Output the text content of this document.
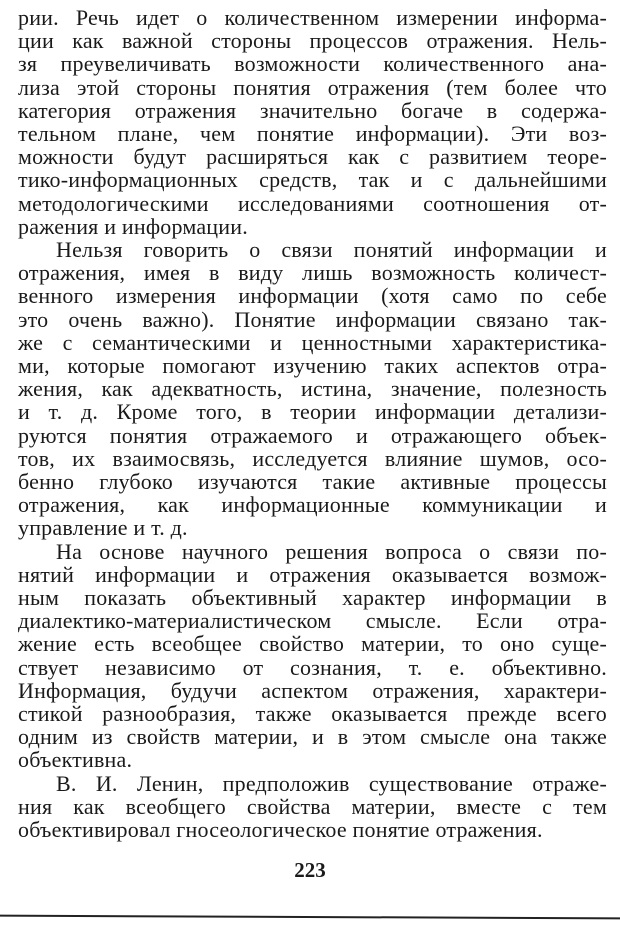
рии. Речь идет о количественном измерении информа-
ции как важной стороны процессов отражения. Нель-
зя преувеличивать возможности количественного ана-
лиза этой стороны понятия отражения (тем более что
категория отражения значительно богаче в содержа-
тельном плане, чем понятие информации). Эти воз-
можности будут расширяться как с развитием теоре-
тико-информационных средств, так и с дальнейшими
методологическими исследованиями соотношения от-
ражения и информации.
Нельзя говорить о связи понятий информации и
отражения, имея в виду лишь возможность количест-
венного измерения информации (хотя само по себе
это очень важно). Понятие информации связано так-
же с семантическими и ценностными характеристика-
ми, которые помогают изучению таких аспектов отра-
жения, как адекватность, истина, значение, полезность
и т. д. Кроме того, в теории информации детализи-
руются понятия отражаемого и отражающего объек-
тов, их взаимосвязь, исследуется влияние шумов, осо-
бенно глубоко изучаются такие активные процессы
отражения, как информационные коммуникации и
управление и т. д.
На основе научного решения вопроса о связи по-
нятий информации и отражения оказывается возмож-
ным показать объективный характер информации в
диалектико-материалистическом смысле. Если отра-
жение есть всеобщее свойство материи, то оно суще-
ствует независимо от сознания, т. е. объективно.
Информация, будучи аспектом отражения, характери-
стикой разнообразия, также оказывается прежде всего
одним из свойств материи, и в этом смысле она также
объективна.
В. И. Ленин, предположив существование отраже-
ния как всеобщего свойства материи, вместе с тем
объективировал гносеологическое понятие отражения.
223
